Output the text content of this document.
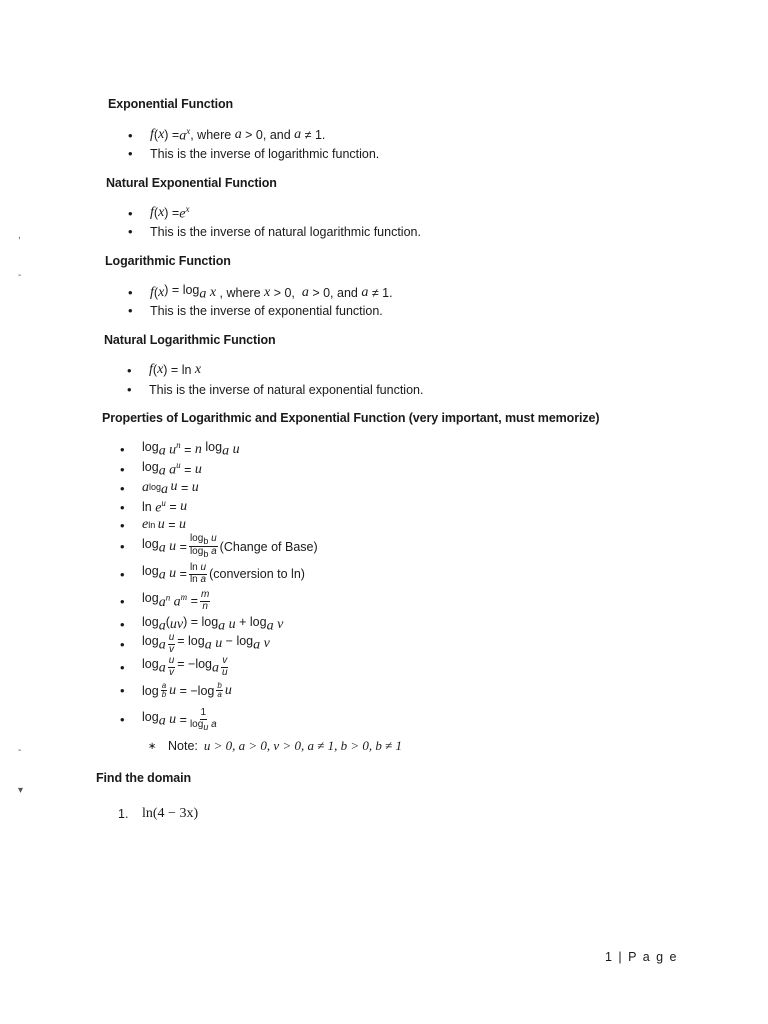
Exponential Function
•	f ( x ) = $a^x$ , where a > 0, and a ≠ 1.
•	This is the inverse of logarithmic function.
Natural Exponential Function
•	f ( x ) = $e^x$
•	This is the inverse of natural logarithmic function.
Logarithmic Function
•	f ( x ) = $\log_a x$ , where x > 0, a > 0, and a ≠ 1.
•	This is the inverse of exponential function.
Natural Logarithmic Function
•	f ( x ) = ln x
•	This is the inverse of natural exponential function.
Properties of Logarithmic and Exponential Function (very important, must memorize)
•	$\log_a u^n = n$ $\log_a u$
•	$\log_a a^u = u$
•	a $\log_a u = u$
•	$\ln e^u = u$
•	e ln u = u
•	$\log_a u = \frac{\log_b u}{\log_b a}$ (Change of Base)
•	$\log_a u = \frac{\text{ln u}}{\text{ln a}}$ (conversion to ln)
•	$\log_{a^n} a^m = \frac{m}{n}$
•	$\log_a$( uv ) = $\log_a u + \log_a v$
•	$\log_a \frac{u}{v} = \log_a u - \log_a v$
•	$\log_a \frac{u}{v} = -\log_a \frac{v}{u}$
•	$\log \frac{a}{b}$ $u = -\log \frac{b}{a}$ u
•	$\log_a u = \frac{1}{\log_u a}$
∗ Note: u > 0, a > 0, v > 0, a ≠ 1, b > 0, b ≠ 1
Find the domain
1. ln(4 − 3x)
,
-
-
▾
1 | P a g e
